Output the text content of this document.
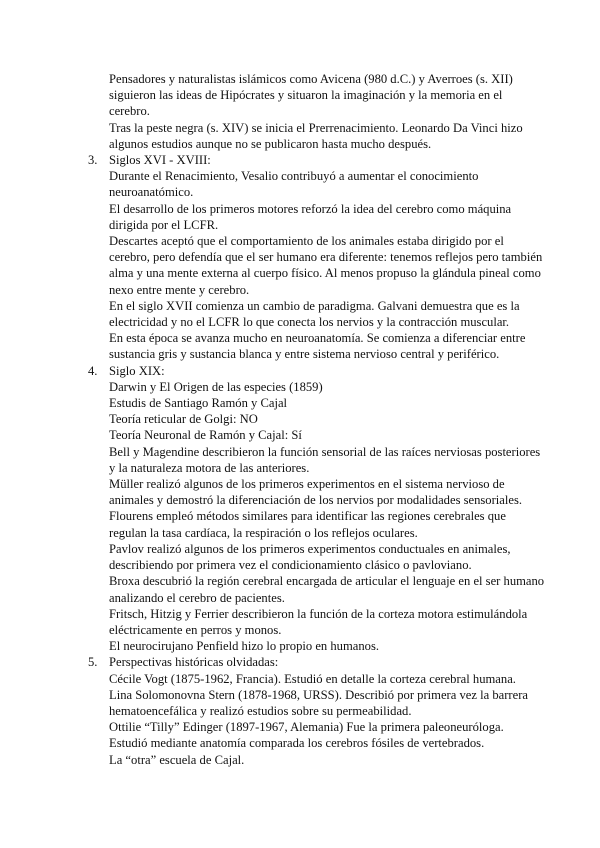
Pensadores y naturalistas islámicos como Avicena (980 d.C.) y Averroes (s. XII)
siguieron las ideas de Hipócrates y situaron la imaginación y la memoria en el
cerebro.
Tras la peste negra (s. XIV) se inicia el Prerrenacimiento. Leonardo Da Vinci hizo
algunos estudios aunque no se publicaron hasta mucho después.
3. Siglos XVI - XVIII:
Durante el Renacimiento, Vesalio contribuyó a aumentar el conocimiento
neuroanatómico.
El desarrollo de los primeros motores reforzó la idea del cerebro como máquina
dirigida por el LCFR.
Descartes aceptó que el comportamiento de los animales estaba dirigido por el
cerebro, pero defendía que el ser humano era diferente: tenemos reflejos pero también
alma y una mente externa al cuerpo físico. Al menos propuso la glándula pineal como
nexo entre mente y cerebro.
En el siglo XVII comienza un cambio de paradigma. Galvani demuestra que es la
electricidad y no el LCFR lo que conecta los nervios y la contracción muscular.
En esta época se avanza mucho en neuroanatomía. Se comienza a diferenciar entre
sustancia gris y sustancia blanca y entre sistema nervioso central y periférico.
4. Siglo XIX:
Darwin y El Origen de las especies (1859)
Estudis de Santiago Ramón y Cajal
Teoría reticular de Golgi: NO
Teoría Neuronal de Ramón y Cajal: Sí
Bell y Magendine describieron la función sensorial de las raíces nerviosas posteriores
y la naturaleza motora de las anteriores.
Müller realizó algunos de los primeros experimentos en el sistema nervioso de
animales y demostró la diferenciación de los nervios por modalidades sensoriales.
Flourens empleó métodos similares para identificar las regiones cerebrales que
regulan la tasa cardíaca, la respiración o los reflejos oculares.
Pavlov realizó algunos de los primeros experimentos conductuales en animales,
describiendo por primera vez el condicionamiento clásico o pavloviano.
Broxa descubrió la región cerebral encargada de articular el lenguaje en el ser humano
analizando el cerebro de pacientes.
Fritsch, Hitzig y Ferrier describieron la función de la corteza motora estimulándola
eléctricamente en perros y monos.
El neurocirujano Penfield hizo lo propio en humanos.
5. Perspectivas históricas olvidadas:
Cécile Vogt (1875-1962, Francia). Estudió en detalle la corteza cerebral humana.
Lina Solomonovna Stern (1878-1968, URSS). Describió por primera vez la barrera
hematoencefálica y realizó estudios sobre su permeabilidad.
Ottilie “Tilly” Edinger (1897-1967, Alemania) Fue la primera paleoneurólogа.
Estudió mediante anatomía comparada los cerebros fósiles de vertebrados.
La “otra” escuela de Cajal.
